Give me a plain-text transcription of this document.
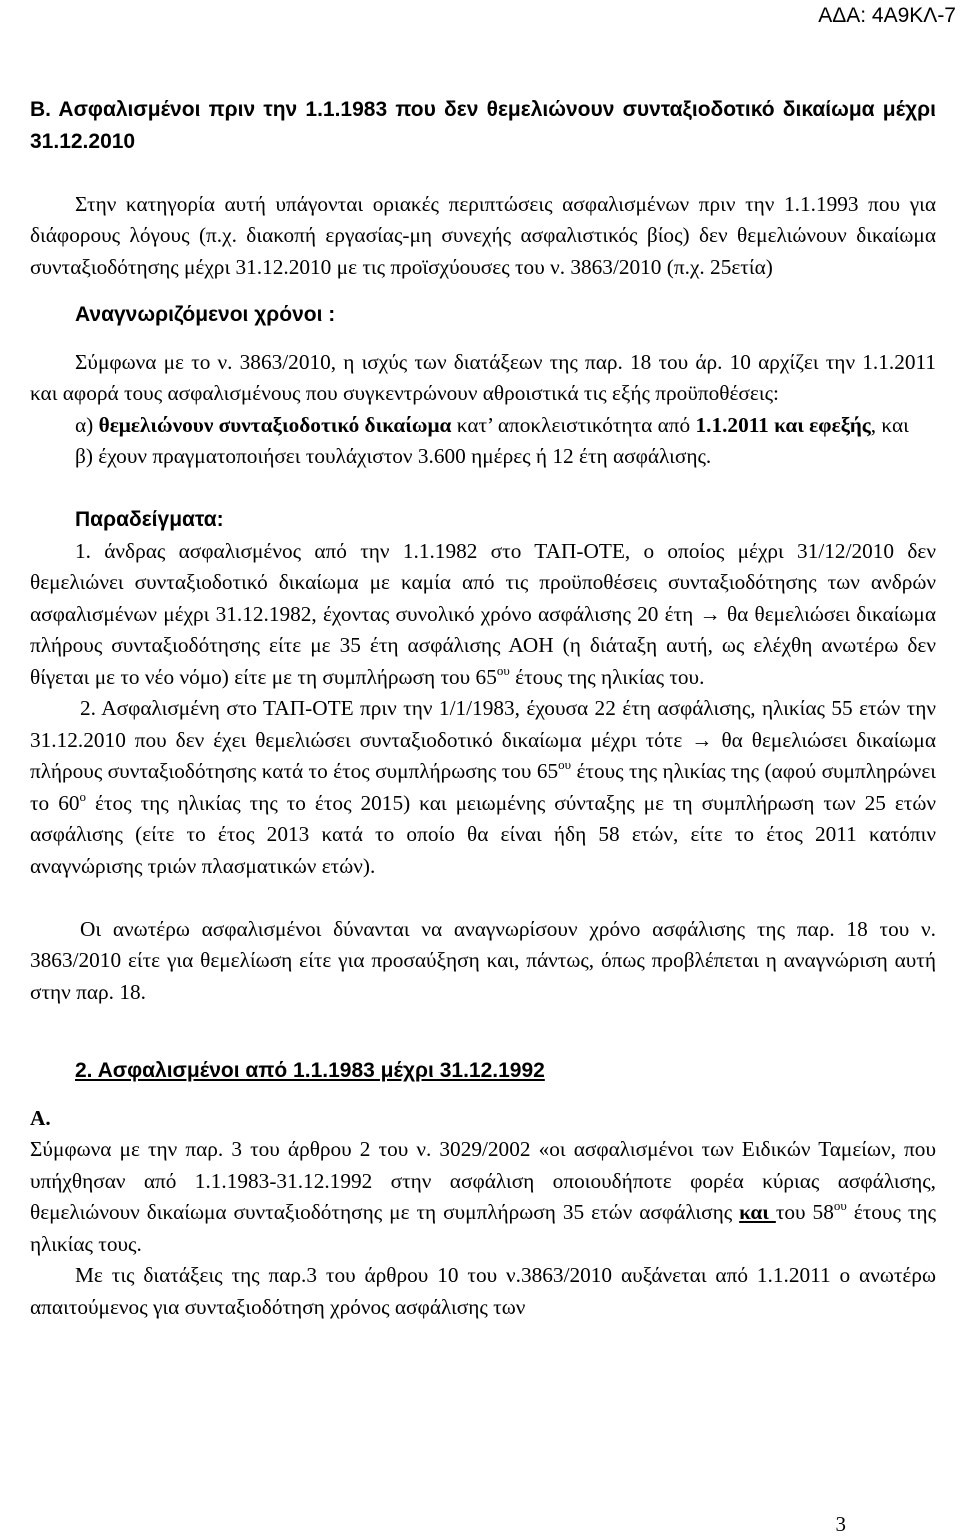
ΑΔΑ: 4Α9ΚΛ-7

Β. Ασφαλισμένοι πριν την 1.1.1983 που δεν θεμελιώνουν συνταξιοδοτικό δικαίωμα μέχρι 31.12.2010

Στην κατηγορία αυτή υπάγονται οριακές περιπτώσεις ασφαλισμένων πριν την 1.1.1993 που για διάφορους λόγους (π.χ. διακοπή εργασίας-μη συνεχής ασφαλιστικός βίος) δεν θεμελιώνουν δικαίωμα συνταξιοδότησης μέχρι 31.12.2010 με τις προϊσχύουσες του ν. 3863/2010 (π.χ. 25ετία)

Αναγνωριζόμενοι χρόνοι :

Σύμφωνα με το ν. 3863/2010, η ισχύς των διατάξεων της παρ. 18 του άρ. 10 αρχίζει την 1.1.2011 και αφορά τους ασφαλισμένους που συγκεντρώνουν αθροιστικά τις εξής προϋποθέσεις:

α) θεμελιώνουν συνταξιοδοτικό δικαίωμα κατ’ αποκλειστικότητα από 1.1.2011 και εφεξής, και

β) έχουν πραγματοποιήσει τουλάχιστον 3.600 ημέρες ή 12 έτη ασφάλισης.

Παραδείγματα:

1. άνδρας ασφαλισμένος από την 1.1.1982 στο ΤΑΠ-ΟΤΕ, ο οποίος μέχρι 31/12/2010 δεν θεμελιώνει συνταξιοδοτικό δικαίωμα με καμία από τις προϋποθέσεις συνταξιοδότησης των ανδρών ασφαλισμένων μέχρι 31.12.1982, έχοντας συνολικό χρόνο ασφάλισης 20 έτη → θα θεμελιώσει δικαίωμα πλήρους συνταξιοδότησης είτε με 35 έτη ασφάλισης ΑΟΗ (η διάταξη αυτή, ως ελέχθη ανωτέρω δεν θίγεται με το νέο νόμο) είτε με τη συμπλήρωση του $65^{o\upsilon}$ έτους της ηλικίας του.

2. Ασφαλισμένη στο ΤΑΠ-ΟΤΕ πριν την 1/1/1983, έχουσα 22 έτη ασφάλισης, ηλικίας 55 ετών την 31.12.2010 που δεν έχει θεμελιώσει συνταξιοδοτικό δικαίωμα μέχρι τότε → θα θεμελιώσει δικαίωμα πλήρους συνταξιοδότησης κατά το έτος συμπλήρωσης του $65^{o\upsilon}$ έτους της ηλικίας της (αφού συμπληρώνει το $60^o$ έτος της ηλικίας της το έτος 2015) και μειωμένης σύνταξης με τη συμπλήρωση των 25 ετών ασφάλισης (είτε το έτος 2013 κατά το οποίο θα είναι ήδη 58 ετών, είτε το έτος 2011 κατόπιν αναγνώρισης τριών πλασματικών ετών).

Οι ανωτέρω ασφαλισμένοι δύνανται να αναγνωρίσουν χρόνο ασφάλισης της παρ. 18 του ν. 3863/2010 είτε για θεμελίωση είτε για προσαύξηση και, πάντως, όπως προβλέπεται η αναγνώριση αυτή στην παρ. 18.

2. Ασφαλισμένοι από 1.1.1983 μέχρι 31.12.1992

Α.

Σύμφωνα με την παρ. 3 του άρθρου 2 του ν. 3029/2002 «οι ασφαλισμένοι των Ειδικών Ταμείων, που υπήχθησαν από 1.1.1983-31.12.1992 στην ασφάλιση οποιουδήποτε φορέα κύριας ασφάλισης, θεμελιώνουν δικαίωμα συνταξιοδότησης με τη συμπλήρωση 35 ετών ασφάλισης και του $58^{o\upsilon}$ έτους της ηλικίας τους.

Με τις διατάξεις της παρ.3 του άρθρου 10 του ν.3863/2010 αυξάνεται από 1.1.2011 ο ανωτέρω απαιτούμενος για συνταξιοδότηση χρόνος ασφάλισης των

3
